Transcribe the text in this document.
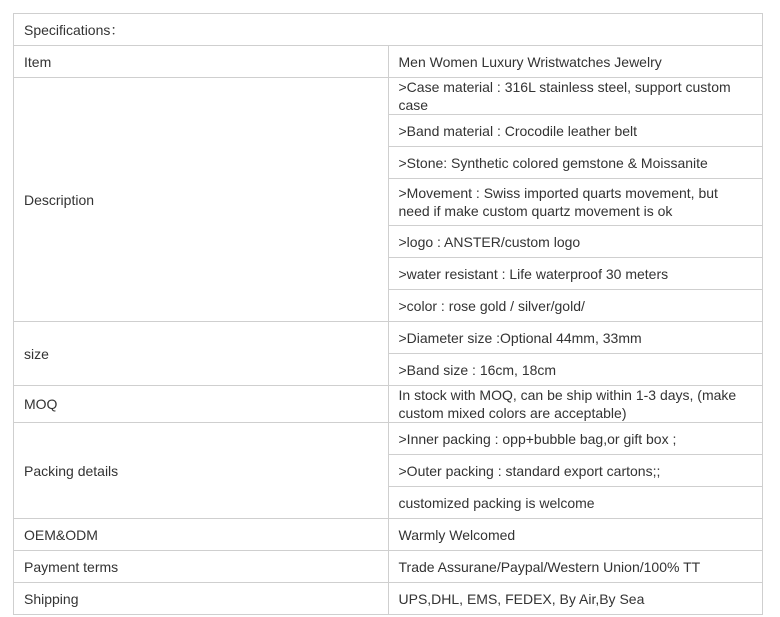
Specifications：	
Item	Men Women Luxury Wristwatches Jewelry
Description	>Case material : 316L stainless steel, support custom case
	>Band material : Crocodile leather belt
	>Stone: Synthetic colored gemstone & Moissanite
	>Movement : Swiss imported quarts movement, but need if make custom quartz movement is ok
	>logo : ANSTER/custom logo
	>water resistant : Life waterproof 30 meters
	>color : rose gold / silver/gold/
size	>Diameter size :Optional 44mm, 33mm
	>Band size : 16cm, 18cm
MOQ	In stock with MOQ, can be ship within 1-3 days, (make custom mixed colors are acceptable)
Packing details	>Inner packing : opp+bubble bag,or gift box ;
	>Outer packing : standard export cartons;;
	customized packing is welcome
OEM&ODM	Warmly Welcomed
Payment terms	Trade Assurane/Paypal/Western Union/100% TT
Shipping	UPS,DHL, EMS, FEDEX, By Air,By Sea
